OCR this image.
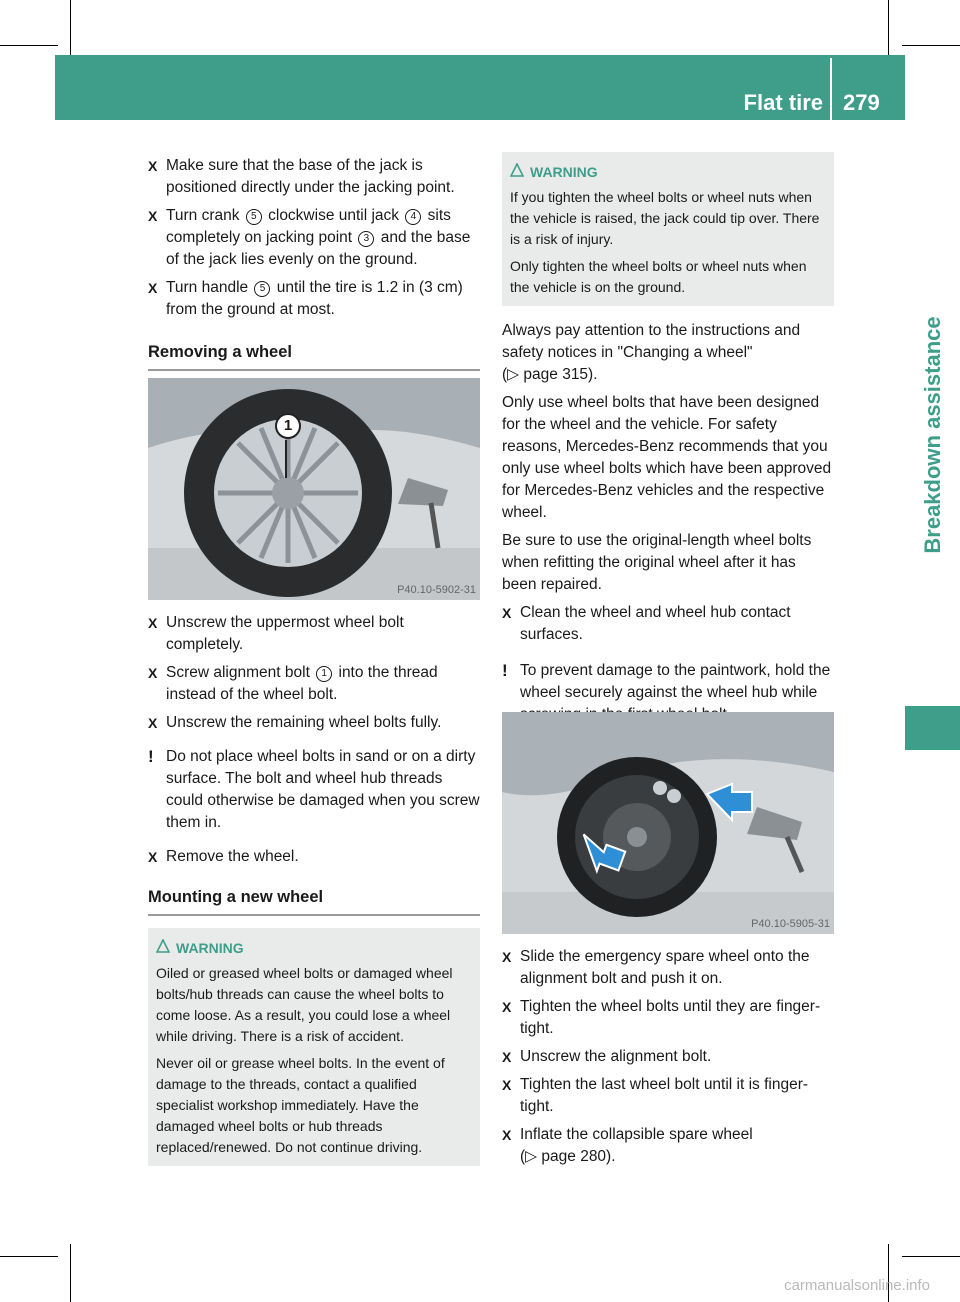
Flat tire 279
Breakdown assistance
X Make sure that the base of the jack is positioned directly under the jacking point.
X Turn crank 5 clockwise until jack 4 sits completely on jacking point 3 and the base of the jack lies evenly on the ground.
X Turn handle 5 until the tire is 1.2 in (3 cm) from the ground at most.
Removing a wheel
1
P40.10-5902-31
X Unscrew the uppermost wheel bolt completely.
X Screw alignment bolt 1 into the thread instead of the wheel bolt.
X Unscrew the remaining wheel bolts fully.
! Do not place wheel bolts in sand or on a dirty surface. The bolt and wheel hub threads could otherwise be damaged when you screw them in.
X Remove the wheel.
Mounting a new wheel
WARNING

Oiled or greased wheel bolts or damaged wheel bolts/hub threads can cause the wheel bolts to come loose. As a result, you could lose a wheel while driving. There is a risk of accident.

Never oil or grease wheel bolts. In the event of damage to the threads, contact a qualified specialist workshop immediately. Have the damaged wheel bolts or hub threads replaced/renewed. Do not continue driving.

WARNING

If you tighten the wheel bolts or wheel nuts when the vehicle is raised, the jack could tip over. There is a risk of injury.

Only tighten the wheel bolts or wheel nuts when the vehicle is on the ground.

Always pay attention to the instructions and safety notices in "Changing a wheel"
(▷ page 315).

Only use wheel bolts that have been designed for the wheel and the vehicle. For safety reasons, Mercedes-Benz recommends that you only use wheel bolts which have been approved for Mercedes-Benz vehicles and the respective wheel.

Be sure to use the original-length wheel bolts when refitting the original wheel after it has been repaired.

X Clean the wheel and wheel hub contact surfaces.
! To prevent damage to the paintwork, hold the wheel securely against the wheel hub while
P40.10-5905-31
X Slide the emergency spare wheel onto the alignment bolt and push it on.
X Tighten the wheel bolts until they are finger-tight.
X Unscrew the alignment bolt.
X Tighten the last wheel bolt until it is finger-tight.
X Inflate the collapsible spare wheel
(▷ page 280).
carmanualsonline.info
